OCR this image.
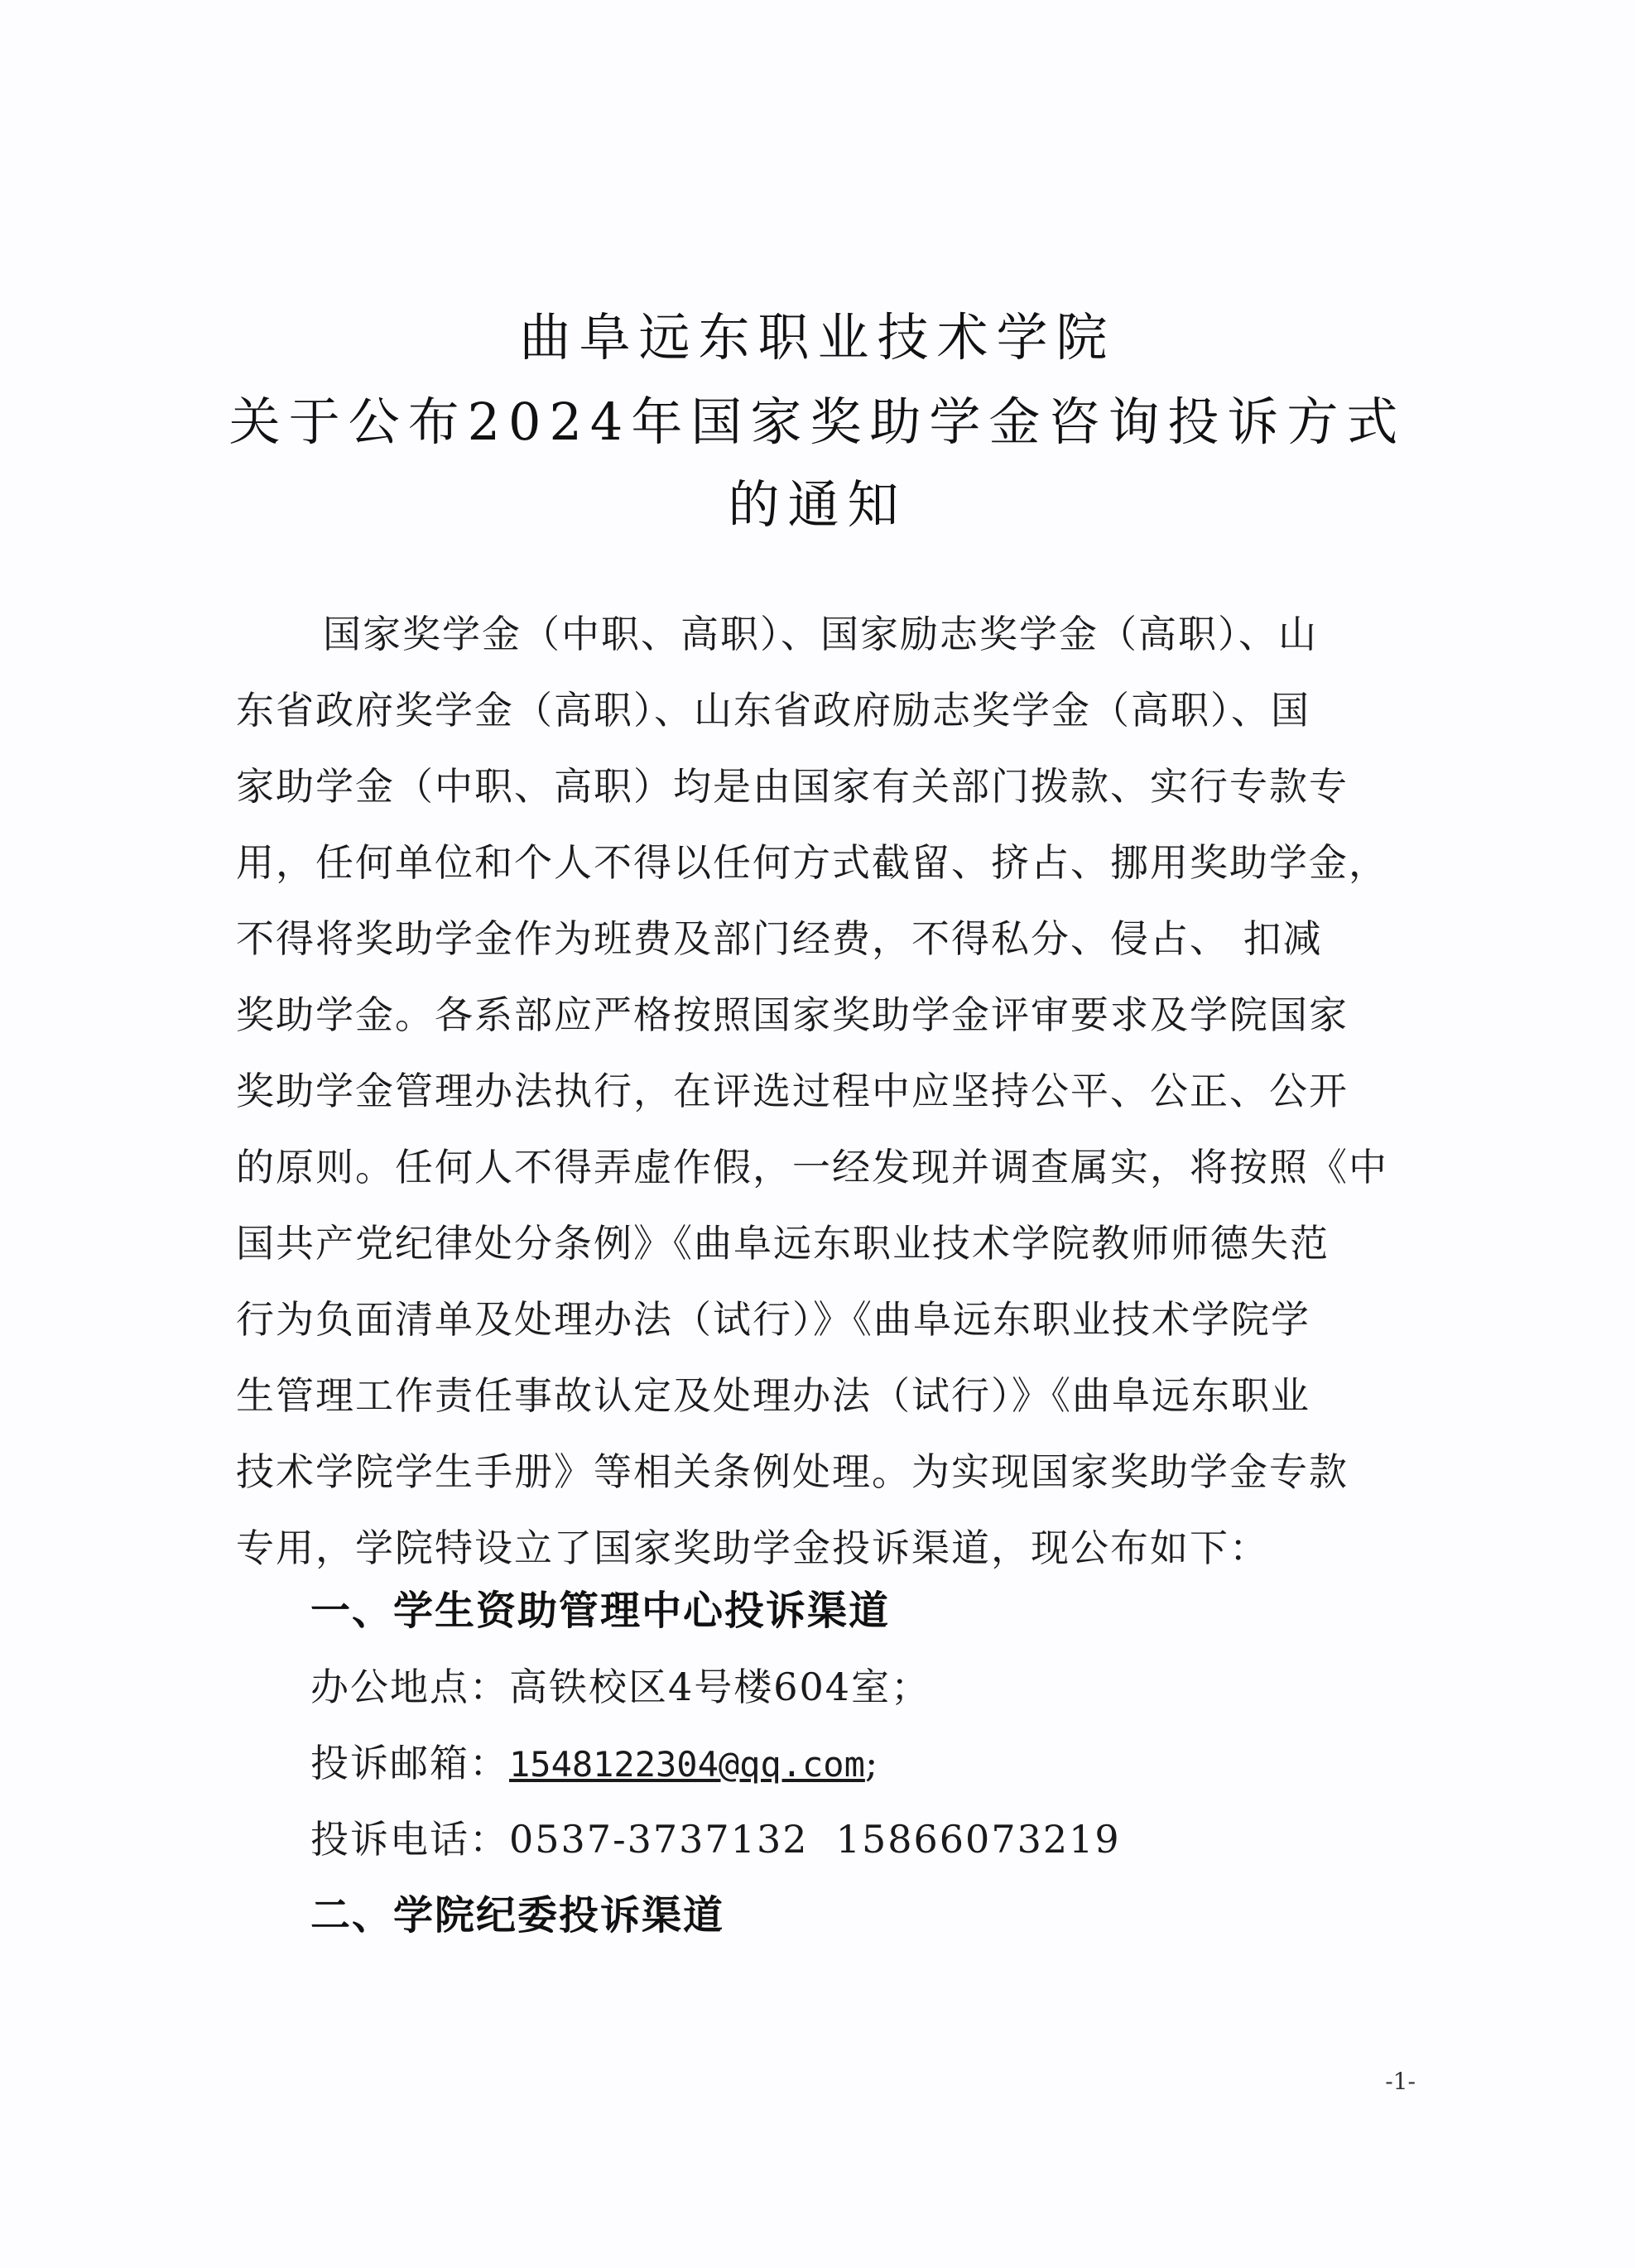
曲阜远东职业技术学院
关于公布2024年国家奖助学金咨询投诉方式
的通知
国家奖学金（中职、高职）、国家励志奖学金（高职）、山
东省政府奖学金（高职）、山东省政府励志奖学金（高职）、国
家助学金（中职、高职）均是由国家有关部门拨款、实行专款专
用，任何单位和个人不得以任何方式截留、挤占、挪用奖助学金，
不得将奖助学金作为班费及部门经费，不得私分、侵占、 扣减
奖助学金。各系部应严格按照国家奖助学金评审要求及学院国家
奖助学金管理办法执行，在评选过程中应坚持公平、公正、公开
的原则。任何人不得弄虚作假，一经发现并调查属实，将按照《中
国共产党纪律处分条例》《曲阜远东职业技术学院教师师德失范
行为负面清单及处理办法（试行）》《曲阜远东职业技术学院学
生管理工作责任事故认定及处理办法（试行）》《曲阜远东职业
技术学院学生手册》等相关条例处理。为实现国家奖助学金专款
专用，学院特设立了国家奖助学金投诉渠道，现公布如下：
一、学生资助管理中心投诉渠道
办公地点：高铁校区4号楼604室；
投诉邮箱：1548122304@qq.com;
投诉电话：0537-3737132  15866073219
二、学院纪委投诉渠道
-1-
